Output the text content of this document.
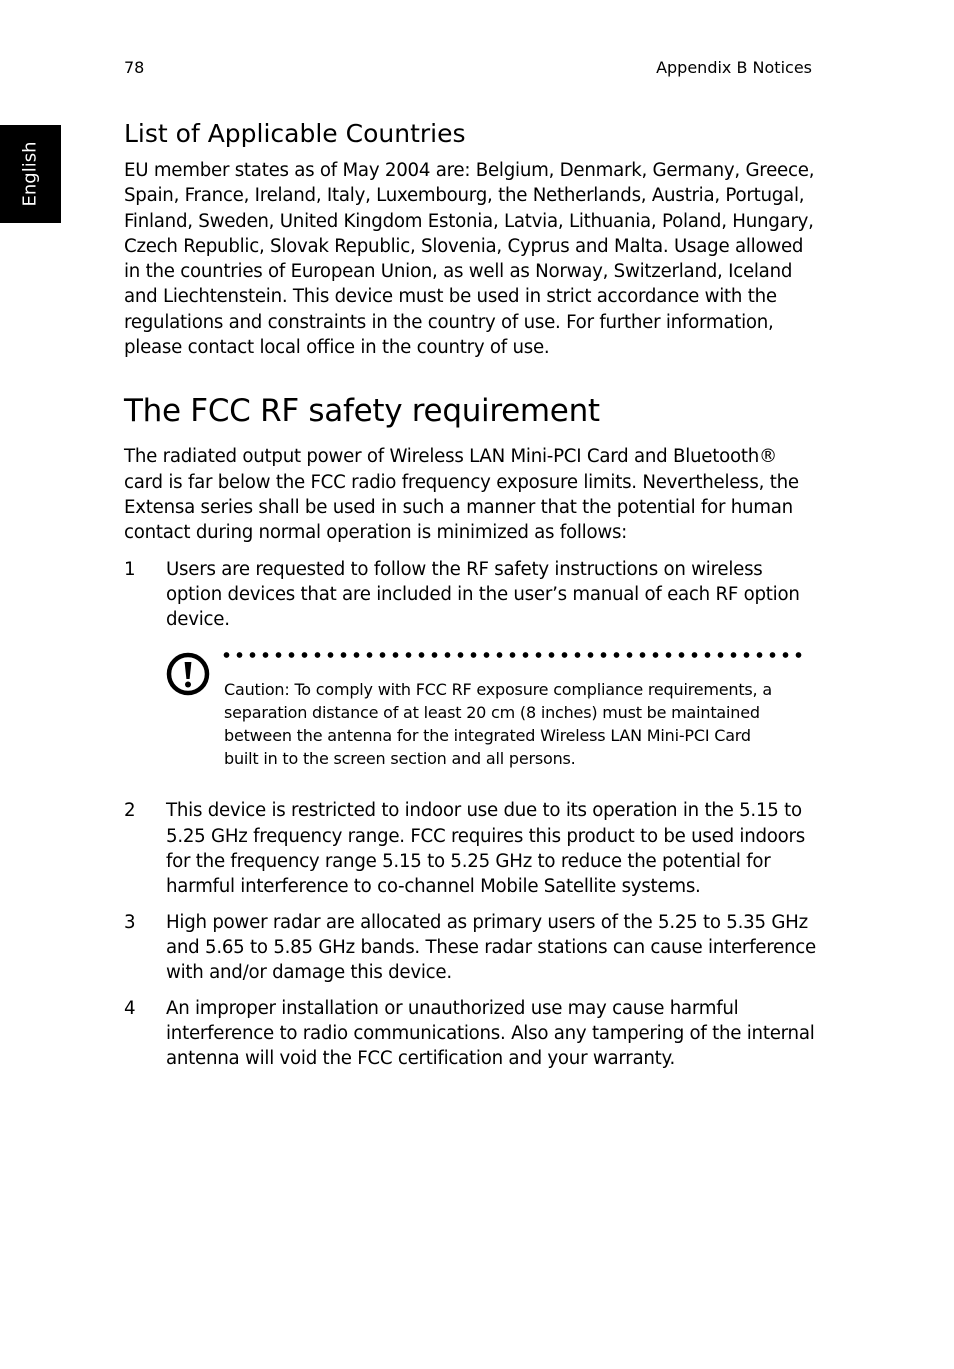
78	Appendix B Notices
English
List of Applicable Countries

EU member states as of May 2004 are: Belgium, Denmark, Germany, Greece, Spain, France, Ireland, Italy, Luxembourg, the Netherlands, Austria, Portugal, Finland, Sweden, United Kingdom Estonia, Latvia, Lithuania, Poland, Hungary, Czech Republic, Slovak Republic, Slovenia, Cyprus and Malta. Usage allowed in the countries of European Union, as well as Norway, Switzerland, Iceland and Liechtenstein. This device must be used in strict accordance with the regulations and constraints in the country of use. For further information, please contact local office in the country of use.

The FCC RF safety requirement

The radiated output power of Wireless LAN Mini-PCI Card and Bluetooth® card is far below the FCC radio frequency exposure limits. Nevertheless, the Extensa series shall be used in such a manner that the potential for human contact during normal operation is minimized as follows:

1	Users are requested to follow the RF safety instructions on wireless option devices that are included in the user’s manual of each RF option device.
Caution: To comply with FCC RF exposure compliance requirements, a separation distance of at least 20 cm (8 inches) must be maintained between the antenna for the integrated Wireless LAN Mini-PCI Card built in to the screen section and all persons.
2	This device is restricted to indoor use due to its operation in the 5.15 to 5.25 GHz frequency range. FCC requires this product to be used indoors for the frequency range 5.15 to 5.25 GHz to reduce the potential for harmful interference to co-channel Mobile Satellite systems.
3	High power radar are allocated as primary users of the 5.25 to 5.35 GHz and 5.65 to 5.85 GHz bands. These radar stations can cause interference with and/or damage this device.
4	An improper installation or unauthorized use may cause harmful interference to radio communications. Also any tampering of the internal antenna will void the FCC certification and your warranty.
